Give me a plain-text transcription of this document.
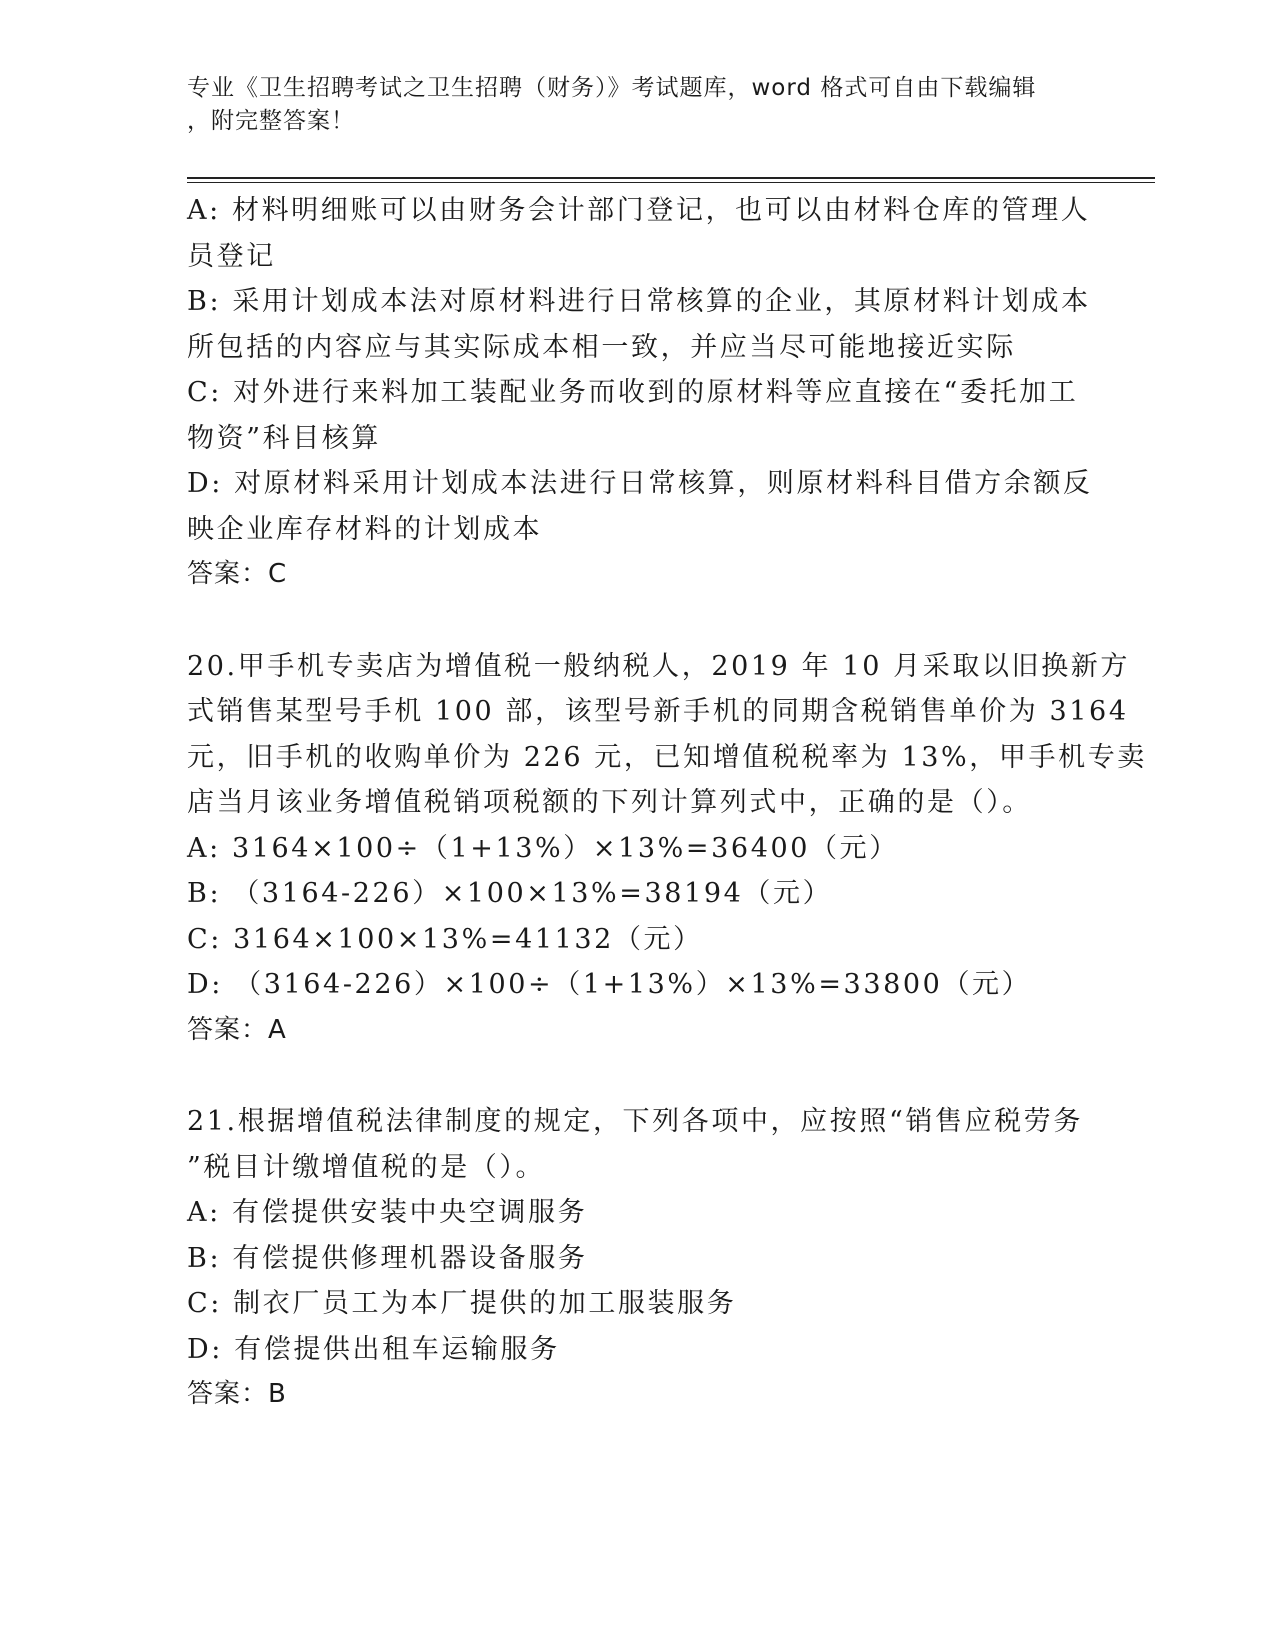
专业《卫生招聘考试之卫生招聘（财务）》考试题库，word 格式可自由下载编辑
，附完整答案！
A: 材料明细账可以由财务会计部门登记，也可以由材料仓库的管理人
员登记
B: 采用计划成本法对原材料进行日常核算的企业，其原材料计划成本
所包括的内容应与其实际成本相一致，并应当尽可能地接近实际
C: 对外进行来料加工装配业务而收到的原材料等应直接在“委托加工
物资”科目核算
D: 对原材料采用计划成本法进行日常核算，则原材料科目借方余额反
映企业库存材料的计划成本
答案：C
20.甲手机专卖店为增值税一般纳税人，2019 年 10 月采取以旧换新方
式销售某型号手机 100 部，该型号新手机的同期含税销售单价为 3164
元，旧手机的收购单价为 226 元，已知增值税税率为 13%，甲手机专卖
店当月该业务增值税销项税额的下列计算列式中，正确的是（）。
A: 3164×100÷（1+13%）×13%=36400（元）
B: （3164-226）×100×13%=38194（元）
C: 3164×100×13%=41132（元）
D: （3164-226）×100÷（1+13%）×13%=33800（元）
答案：A
21.根据增值税法律制度的规定，下列各项中，应按照“销售应税劳务
”税目计缴增值税的是（）。
A: 有偿提供安装中央空调服务
B: 有偿提供修理机器设备服务
C: 制衣厂员工为本厂提供的加工服装服务
D: 有偿提供出租车运输服务
答案：B
